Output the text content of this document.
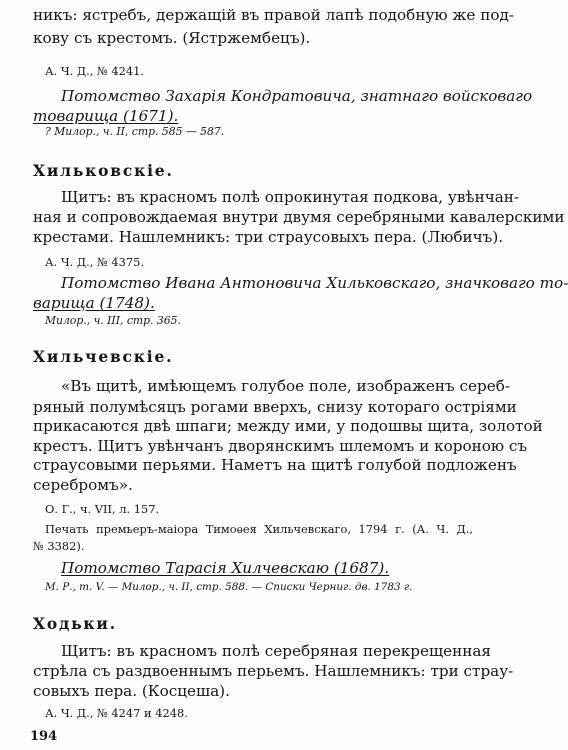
никъ: ястребъ, держащій въ правой лапѣ подобную же под-
кову съ крестомъ. (Ястржембецъ).
А. Ч. Д., № 4241.
Потомство Захарія Кондратовича, знатнаго войсковаго
товарища (1671).
? Милор., ч. II, стр. 585 — 587.
Хильковскіе.
Щитъ: въ красномъ полѣ опрокинутая подкова, увѣнчан-
ная и сопровождаемая внутри двумя серебряными кавалерскими
крестами. Нашлемникъ: три страусовыхъ пера. (Любичъ).
А. Ч. Д., № 4375.
Потомство Ивана Антоновича Хильковскаго, значковаго то-
варища (1748).
Милор., ч. III, стр. 365.
Хильчевскіе.
«Въ щитѣ, имѣющемъ голубое поле, изображенъ сереб-
ряный полумѣсяцъ рогами вверхъ, снизу котораго остріями
прикасаются двѣ шпаги; между ими, у подошвы щита, золотой
крестъ. Щитъ увѣнчанъ дворянскимъ шлемомъ и короною съ
страусовыми перьями. Наметъ на щитѣ голубой подложенъ
серебромъ».
О. Г., ч. VII, л. 157.
Печать премьеръ-маіора Тимоѳея Хильчевскаго, 1794 г. (А. Ч. Д.,
№ 3382).
Потомство Тарасія Хилчевскаю (1687).
М. Р., т. V. — Милор., ч. II, стр. 588. — Списки Черниг. дв. 1783 г.
Ходьки.
Щитъ: въ красномъ полѣ серебряная перекрещенная
стрѣла съ раздвоеннымъ перьемъ. Нашлемникъ: три страу-
совыхъ пера. (Косцеша).
А. Ч. Д., № 4247 и 4248.
194
